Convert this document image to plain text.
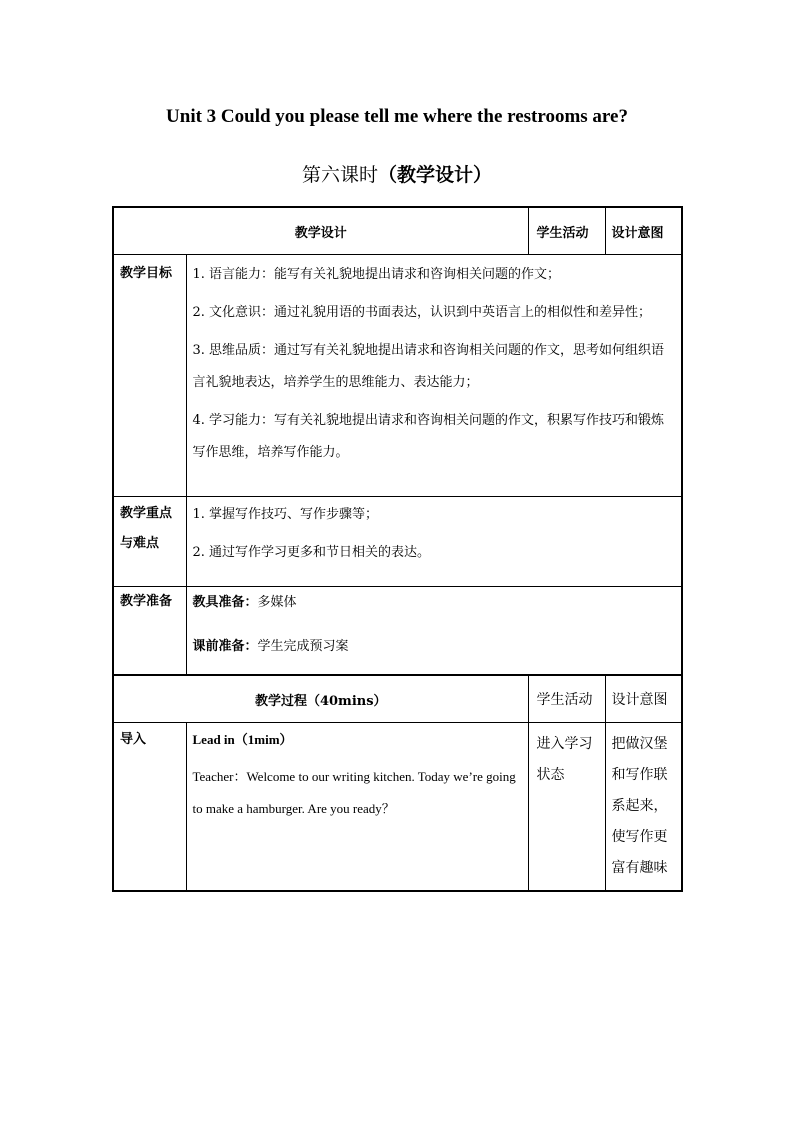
Unit 3 Could you please tell me where the restrooms are?
第六课时（教学设计）
教学设计		学生活动	设计意图
教学目标	1. 语言能力：能写有关礼貌地提出请求和咨询相关问题的作文；

2. 文化意识：通过礼貌用语的书面表达，认识到中英语言上的相似性和差异性；

3. 思维品质：通过写有关礼貌地提出请求和咨询相关问题的作文，思考如何组织语言礼貌地表达，培养学生的思维能力、表达能力；

4. 学习能力：写有关礼貌地提出请求和咨询相关问题的作文，积累写作技巧和锻炼写作思维，培养写作能力。		

教学重点与难点	1. 掌握写作技巧、写作步骤等；

2. 通过写作学习更多和节日相关的表达。		

教学准备	教具准备：多媒体

课前准备：学生完成预习案		

教学过程（40mins）		学生活动	设计意图
导入	Lead in（1mim）

Teacher：Welcome to our writing kitchen. Today we’re going to make a hamburger. Are you ready？	进入学习状态	把做汉堡和写作联系起来，使写作更富有趣味
